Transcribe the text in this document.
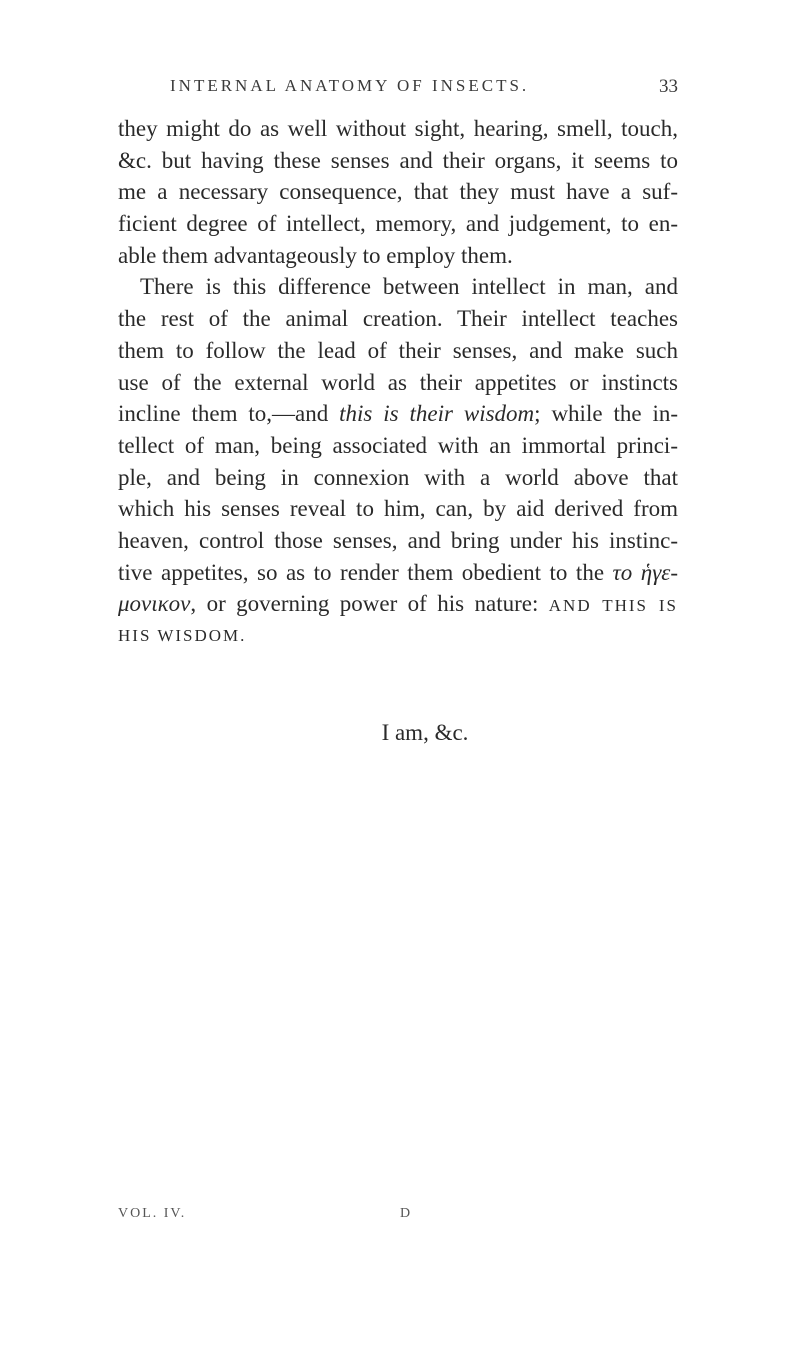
INTERNAL ANATOMY OF INSECTS.	33
they might do as well without sight, hearing, smell, touch,
&c. but having these senses and their organs, it seems to
me a necessary consequence, that they must have a suf-
ficient degree of intellect, memory, and judgement, to en-
able them advantageously to employ them.
There is this difference between intellect in man, and
the rest of the animal creation. Their intellect teaches
them to follow the lead of their senses, and make such
use of the external world as their appetites or instincts
incline them to,—and this is their wisdom; while the in-
tellect of man, being associated with an immortal princi-
ple, and being in connexion with a world above that
which his senses reveal to him, can, by aid derived from
heaven, control those senses, and bring under his instinc-
tive appetites, so as to render them obedient to the το ἡγε-
μονικον, or governing power of his nature: AND THIS IS
HIS WISDOM.
I am, &c.
VOL. IV.	D
